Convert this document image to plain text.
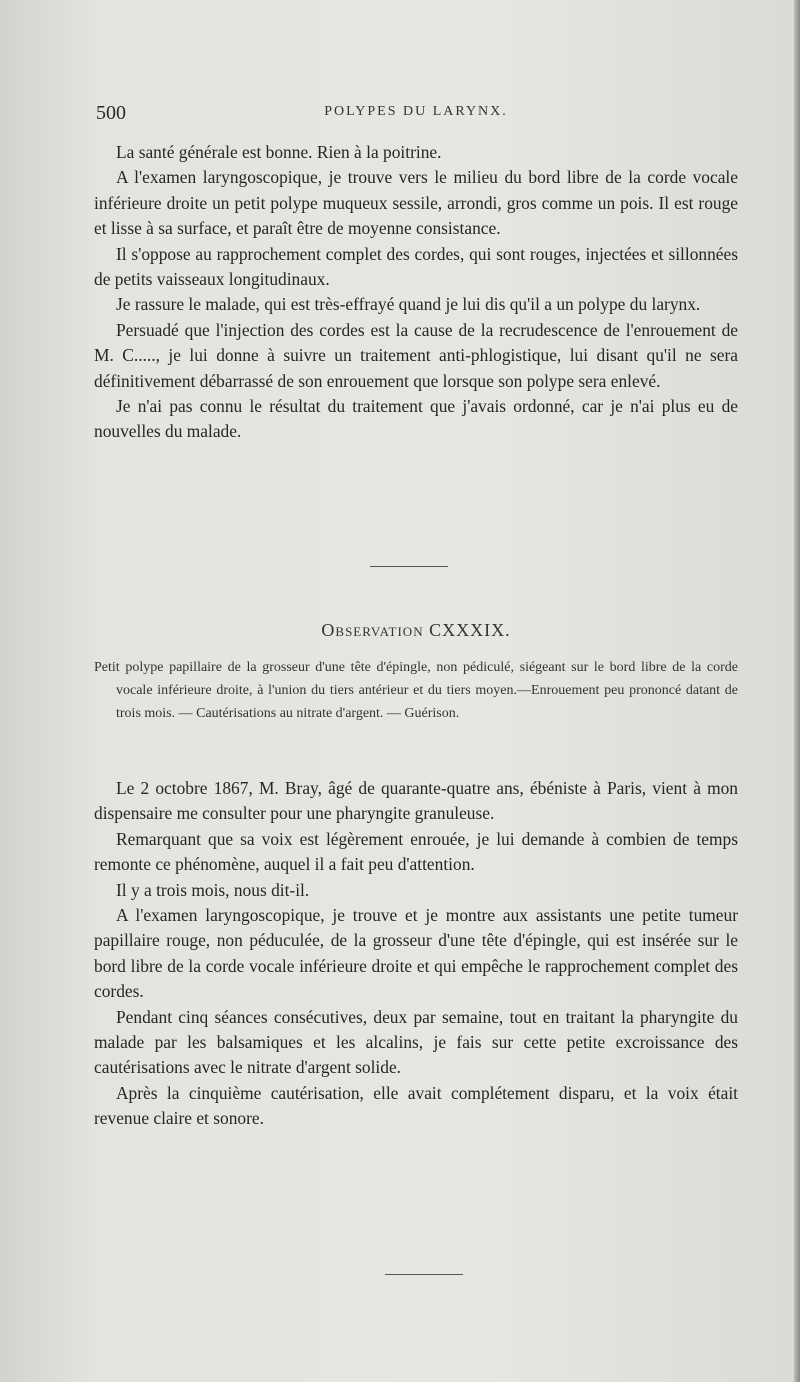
500	POLYPES DU LARYNX.

La santé générale est bonne. Rien à la poitrine.

A l'examen laryngoscopique, je trouve vers le milieu du bord libre de la corde vocale inférieure droite un petit polype muqueux sessile, arrondi, gros comme un pois. Il est rouge et lisse à sa surface, et paraît être de moyenne consistance.

Il s'oppose au rapprochement complet des cordes, qui sont rouges, injectées et sillonnées de petits vaisseaux longitudinaux.

Je rassure le malade, qui est très-effrayé quand je lui dis qu'il a un polype du larynx.

Persuadé que l'injection des cordes est la cause de la recrudescence de l'enrouement de M. C....., je lui donne à suivre un traitement anti-phlogistique, lui disant qu'il ne sera définitivement débarrassé de son enrouement que lorsque son polype sera enlevé.

Je n'ai pas connu le résultat du traitement que j'avais ordonné, car je n'ai plus eu de nouvelles du malade.

Observation CXXXIX.
Petit polype papillaire de la grosseur d'une tête d'épingle, non pédiculé, siégeant sur le bord libre de la corde vocale inférieure droite, à l'union du tiers antérieur et du tiers moyen.—Enrouement peu prononcé datant de trois mois. — Cautérisations au nitrate d'argent. — Guérison.

Le 2 octobre 1867, M. Bray, âgé de quarante-quatre ans, ébéniste à Paris, vient à mon dispensaire me consulter pour une pharyngite granuleuse.

Remarquant que sa voix est légèrement enrouée, je lui demande à combien de temps remonte ce phénomène, auquel il a fait peu d'attention.

Il y a trois mois, nous dit-il.

A l'examen laryngoscopique, je trouve et je montre aux assistants une petite tumeur papillaire rouge, non péduculée, de la grosseur d'une tête d'épingle, qui est insérée sur le bord libre de la corde vocale inférieure droite et qui empêche le rapprochement complet des cordes.

Pendant cinq séances consécutives, deux par semaine, tout en traitant la pharyngite du malade par les balsamiques et les alcalins, je fais sur cette petite excroissance des cautérisations avec le nitrate d'argent solide.

Après la cinquième cautérisation, elle avait complétement disparu, et la voix était revenue claire et sonore.
